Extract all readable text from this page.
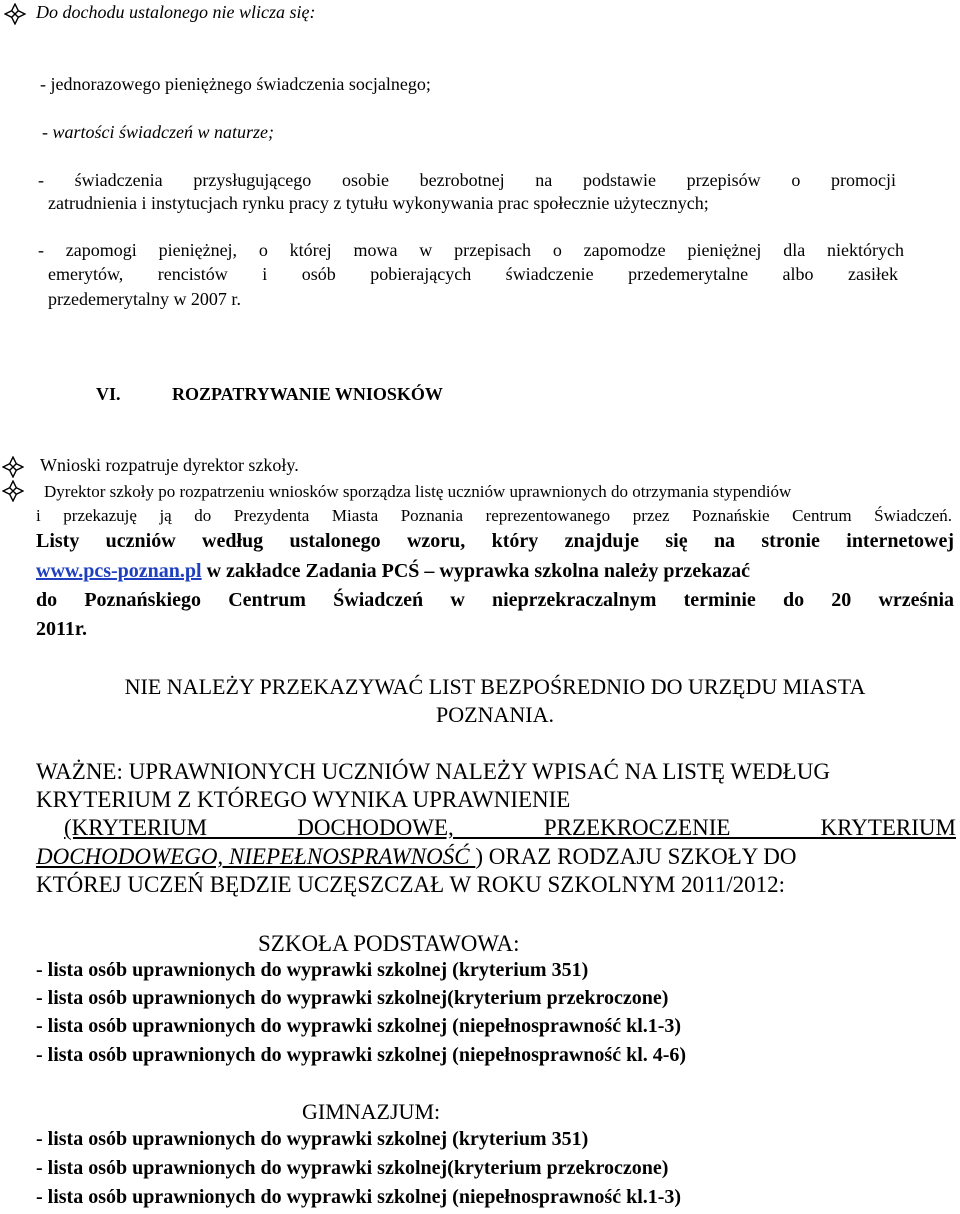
Do dochodu ustalonego nie wlicza się:
- jednorazowego pieniężnego świadczenia socjalnego;
- wartości świadczeń w naturze;
- świadczenia przysługującego osobie bezrobotnej na podstawie przepisów o promocji
zatrudnienia i instytucjach rynku pracy z tytułu wykonywania prac społecznie użytecznych;
- zapomogi pieniężnej, o której mowa w przepisach o zapomodze pieniężnej dla niektórych
emerytów, rencistów i osób pobierających świadczenie przedemerytalne albo zasiłek
przedemerytalny w 2007 r.
VI.	ROZPATRYWANIE WNIOSKÓW
Wnioski rozpatruje dyrektor szkoły.
Dyrektor szkoły po rozpatrzeniu wniosków sporządza listę uczniów uprawnionych do otrzymania stypendiów
i przekazuję ją do Prezydenta Miasta Poznania reprezentowanego przez Poznańskie Centrum Świadczeń.
Listy uczniów według ustalonego wzoru, który znajduje się na stronie internetowej
www.pcs-poznan.pl w zakładce Zadania PCŚ – wyprawka szkolna należy przekazać
do Poznańskiego Centrum Świadczeń w nieprzekraczalnym terminie do 20 września
2011r.
NIE NALEŻY PRZEKAZYWAĆ LIST BEZPOŚREDNIO DO URZĘDU MIASTA
POZNANIA.
WAŻNE: UPRAWNIONYCH UCZNIÓW NALEŻY WPISAĆ NA LISTĘ WEDŁUG
KRYTERIUM Z KTÓREGO WYNIKA UPRAWNIENIE
(KRYTERIUM DOCHODOWE, PRZEKROCZENIE KRYTERIUM
DOCHODOWEGO, NIEPEŁNOSPRAWNOŚĆ ) ORAZ RODZAJU SZKOŁY DO
KTÓREJ UCZEŃ BĘDZIE UCZĘSZCZAŁ W ROKU SZKOLNYM 2011/2012:
SZKOŁA PODSTAWOWA:
- lista osób uprawnionych do wyprawki szkolnej (kryterium 351)
- lista osób uprawnionych do wyprawki szkolnej(kryterium przekroczone)
- lista osób uprawnionych do wyprawki szkolnej (niepełnosprawność kl.1-3)
- lista osób uprawnionych do wyprawki szkolnej (niepełnosprawność kl. 4-6)
GIMNAZJUM:
- lista osób uprawnionych do wyprawki szkolnej (kryterium 351)
- lista osób uprawnionych do wyprawki szkolnej(kryterium przekroczone)
- lista osób uprawnionych do wyprawki szkolnej (niepełnosprawność kl.1-3)
